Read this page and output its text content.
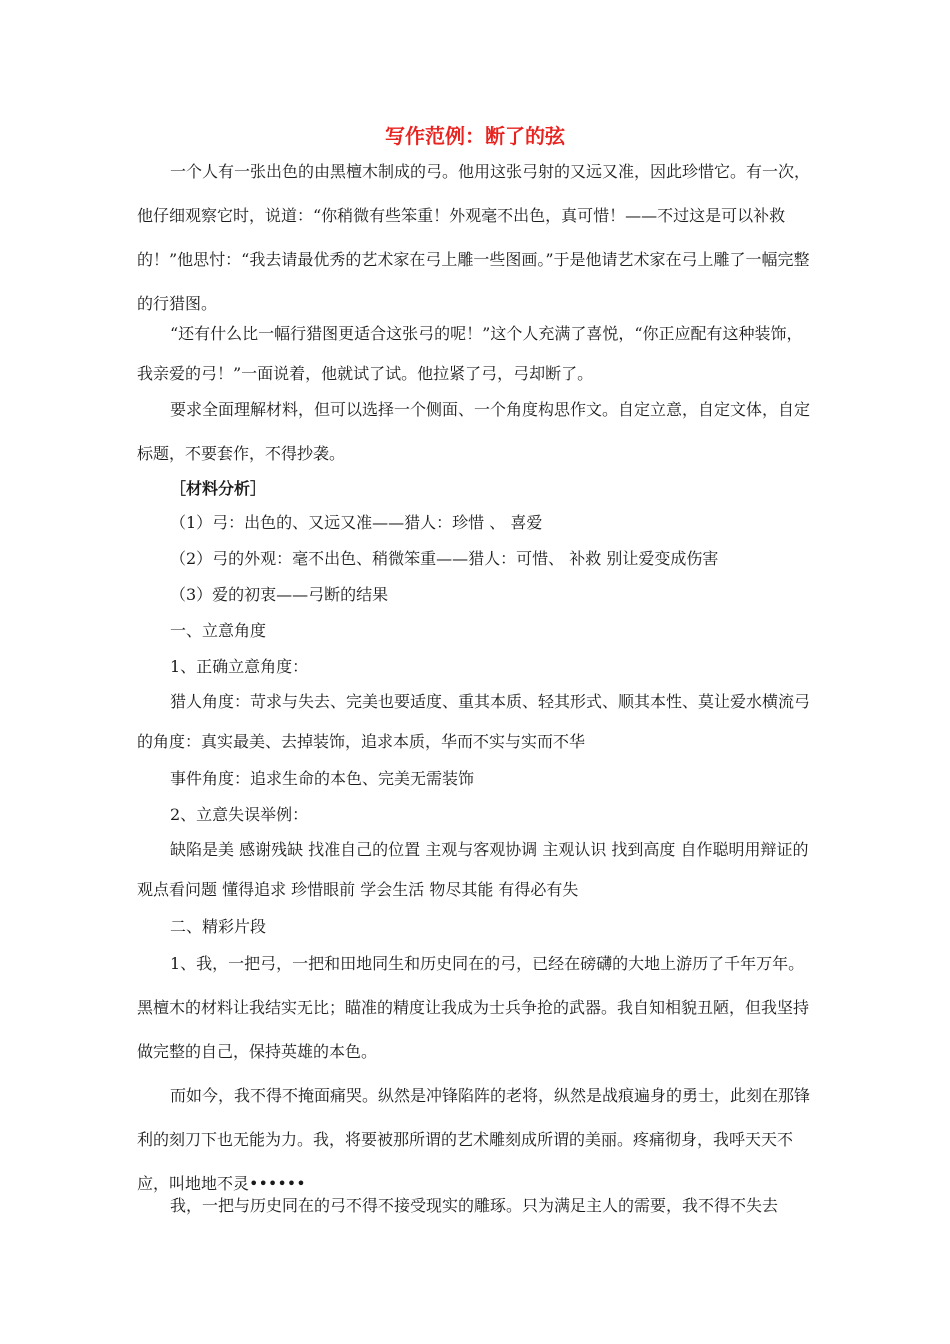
写作范例：断了的弦

一个人有一张出色的由黑檀木制成的弓。他用这张弓射的又远又准，因此珍惜它。有一次，他仔细观察它时，说道：“你稍微有些笨重！外观毫不出色，真可惜！——不过这是可以补救的！”他思忖：“我去请最优秀的艺术家在弓上雕一些图画。”于是他请艺术家在弓上雕了一幅完整的行猎图。

“还有什么比一幅行猎图更适合这张弓的呢！”这个人充满了喜悦，“你正应配有这种装饰，我亲爱的弓！”一面说着，他就试了试。他拉紧了弓，弓却断了。

要求全面理解材料，但可以选择一个侧面、一个角度构思作文。自定立意，自定文体，自定标题，不要套作，不得抄袭。

［材料分析］

（1）弓：出色的、又远又准——猎人：珍惜 、 喜爱

（2）弓的外观：毫不出色、稍微笨重——猎人：可惜、 补救 别让爱变成伤害

（3）爱的初衷——弓断的结果

一、立意角度

1、正确立意角度：

猎人角度：苛求与失去、完美也要适度、重其本质、轻其形式、顺其本性、莫让爱水横流弓的角度：真实最美、去掉装饰，追求本质，华而不实与实而不华

事件角度：追求生命的本色、完美无需装饰

2、立意失误举例：

缺陷是美 感谢残缺 找准自己的位置 主观与客观协调 主观认识 找到高度 自作聪明用辩证的观点看问题 懂得追求 珍惜眼前 学会生活 物尽其能 有得必有失

二、精彩片段

1、我，一把弓，一把和田地同生和历史同在的弓，已经在磅礴的大地上游历了千年万年。黑檀木的材料让我结实无比；瞄准的精度让我成为士兵争抢的武器。我自知相貌丑陋，但我坚持做完整的自己，保持英雄的本色。

而如今，我不得不掩面痛哭。纵然是冲锋陷阵的老将，纵然是战痕遍身的勇士，此刻在那锋利的刻刀下也无能为力。我，将要被那所谓的艺术雕刻成所谓的美丽。疼痛彻身，我呼天天不应，叫地地不灵••••••

我，一把与历史同在的弓不得不接受现实的雕琢。只为满足主人的需要，我不得不失去
